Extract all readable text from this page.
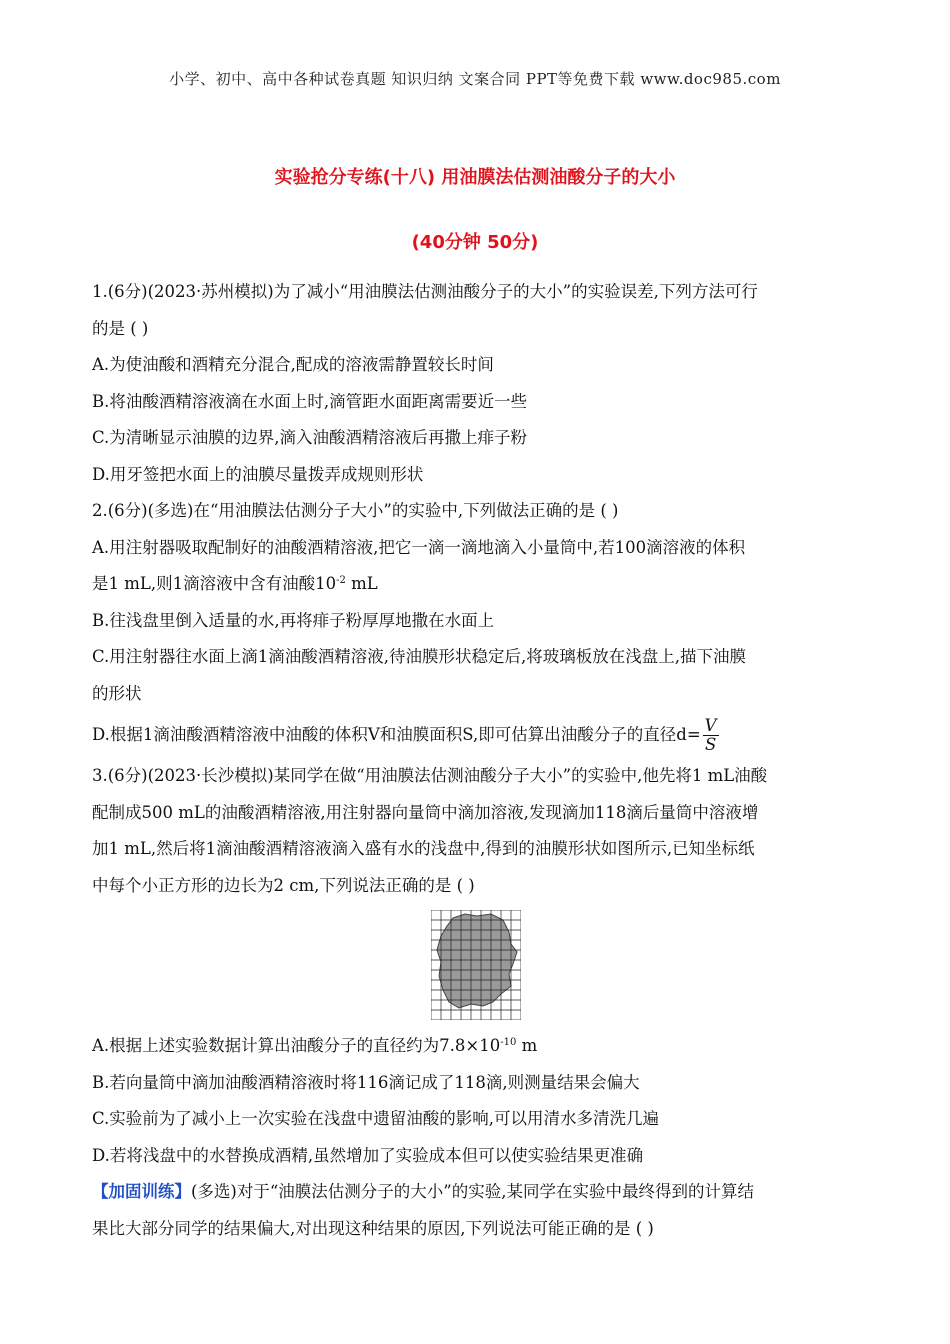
小学、初中、高中各种试卷真题 知识归纳 文案合同 PPT等免费下载 www.doc985.com
实验抢分专练(十八) 用油膜法估测油酸分子的大小
(40分钟 50分)
1.(6分)(2023·苏州模拟)为了减小“用油膜法估测油酸分子的大小”的实验误差,下列方法可行
的是 ( )
A.为使油酸和酒精充分混合,配成的溶液需静置较长时间
B.将油酸酒精溶液滴在水面上时,滴管距水面距离需要近一些
C.为清晰显示油膜的边界,滴入油酸酒精溶液后再撒上痱子粉
D.用牙签把水面上的油膜尽量拨弄成规则形状
2.(6分)(多选)在“用油膜法估测分子大小”的实验中,下列做法正确的是 ( )
A.用注射器吸取配制好的油酸酒精溶液,把它一滴一滴地滴入小量筒中,若100滴溶液的体积
是1 mL,则1滴溶液中含有油酸$10^{-2}$ mL
B.往浅盘里倒入适量的水,再将痱子粉厚厚地撒在水面上
C.用注射器往水面上滴1滴油酸酒精溶液,待油膜形状稳定后,将玻璃板放在浅盘上,描下油膜
的形状
D.根据1滴油酸酒精溶液中油酸的体积V和油膜面积S,即可估算出油酸分子的直径$d= \frac{V}{S}$
3.(6分)(2023·长沙模拟)某同学在做“用油膜法估测油酸分子大小”的实验中,他先将1 mL油酸
配制成500 mL的油酸酒精溶液,用注射器向量筒中滴加溶液,发现滴加118滴后量筒中溶液增
加1 mL,然后将1滴油酸酒精溶液滴入盛有水的浅盘中,得到的油膜形状如图所示,已知坐标纸
中每个小正方形的边长为2 cm,下列说法正确的是 ( )
A.根据上述实验数据计算出油酸分子的直径约为$7.8\times 10^{-10}$ m
B.若向量筒中滴加油酸酒精溶液时将116滴记成了118滴,则测量结果会偏大
C.实验前为了减小上一次实验在浅盘中遗留油酸的影响,可以用清水多清洗几遍
D.若将浅盘中的水替换成酒精,虽然增加了实验成本但可以使实验结果更准确
【加固训练】(多选)对于“油膜法估测分子的大小”的实验,某同学在实验中最终得到的计算结
果比大部分同学的结果偏大,对出现这种结果的原因,下列说法可能正确的是 ( )
